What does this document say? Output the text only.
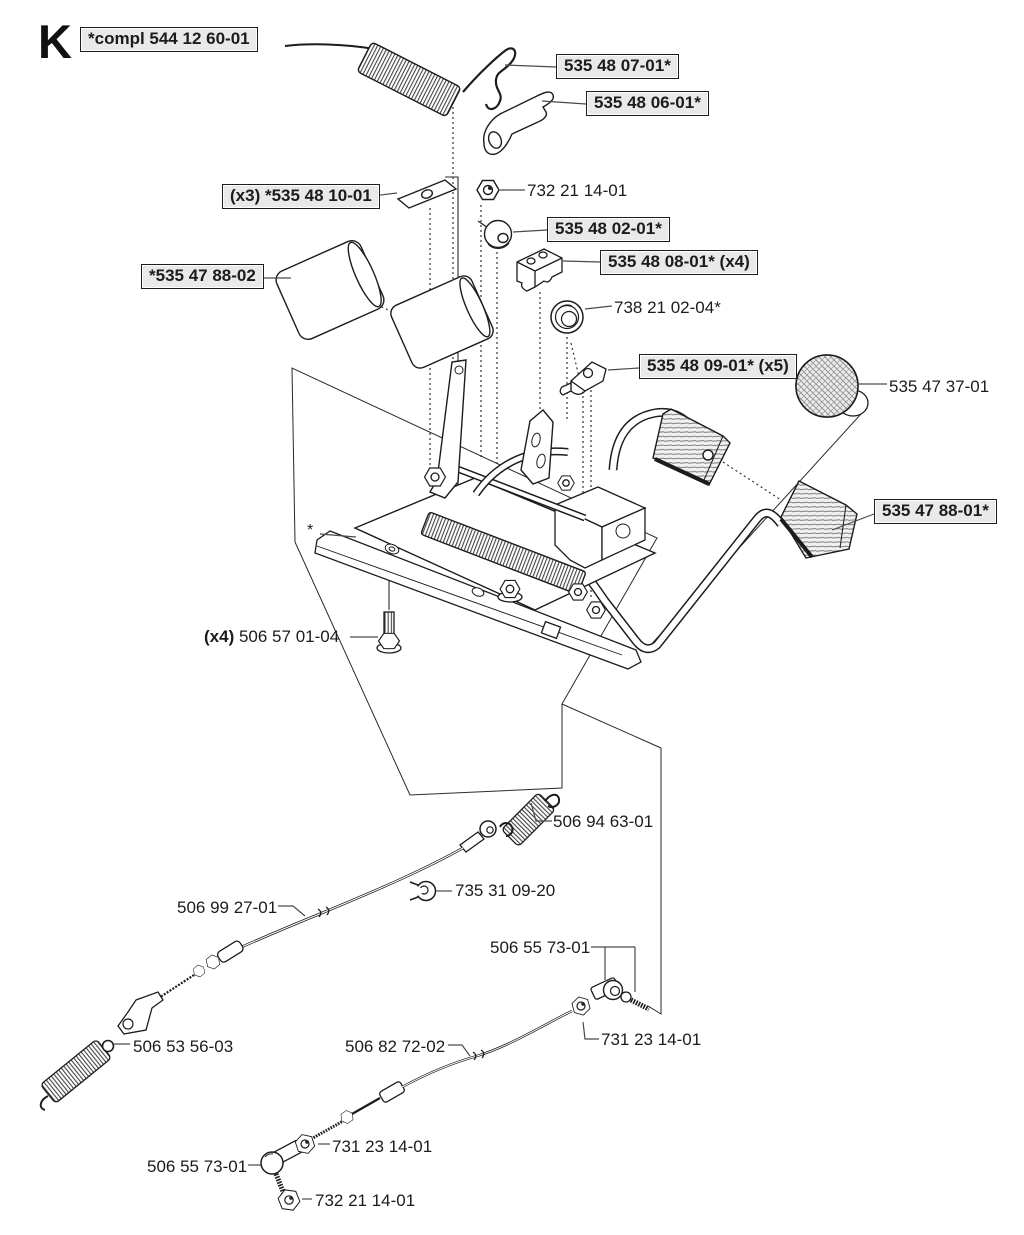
K *compl 544 12 60-01
535 48 07-01*
535 48 06-01*
(x3) *535 48 10-01	732 21 14-01
535 48 02-01*
535 48 08-01* (x4)
738 21 02-04*
535 48 09-01* (x5)
535 47 37-01
*535 47 88-02
535 47 88-01*
(x4) 506 57 01-04
*
506 94 63-01
735 31 09-20
506 99 27-01
506 55 73-01
731 23 14-01
506 53 56-03	506 82 72-02
731 23 14-01
506 55 73-01
732 21 14-01
